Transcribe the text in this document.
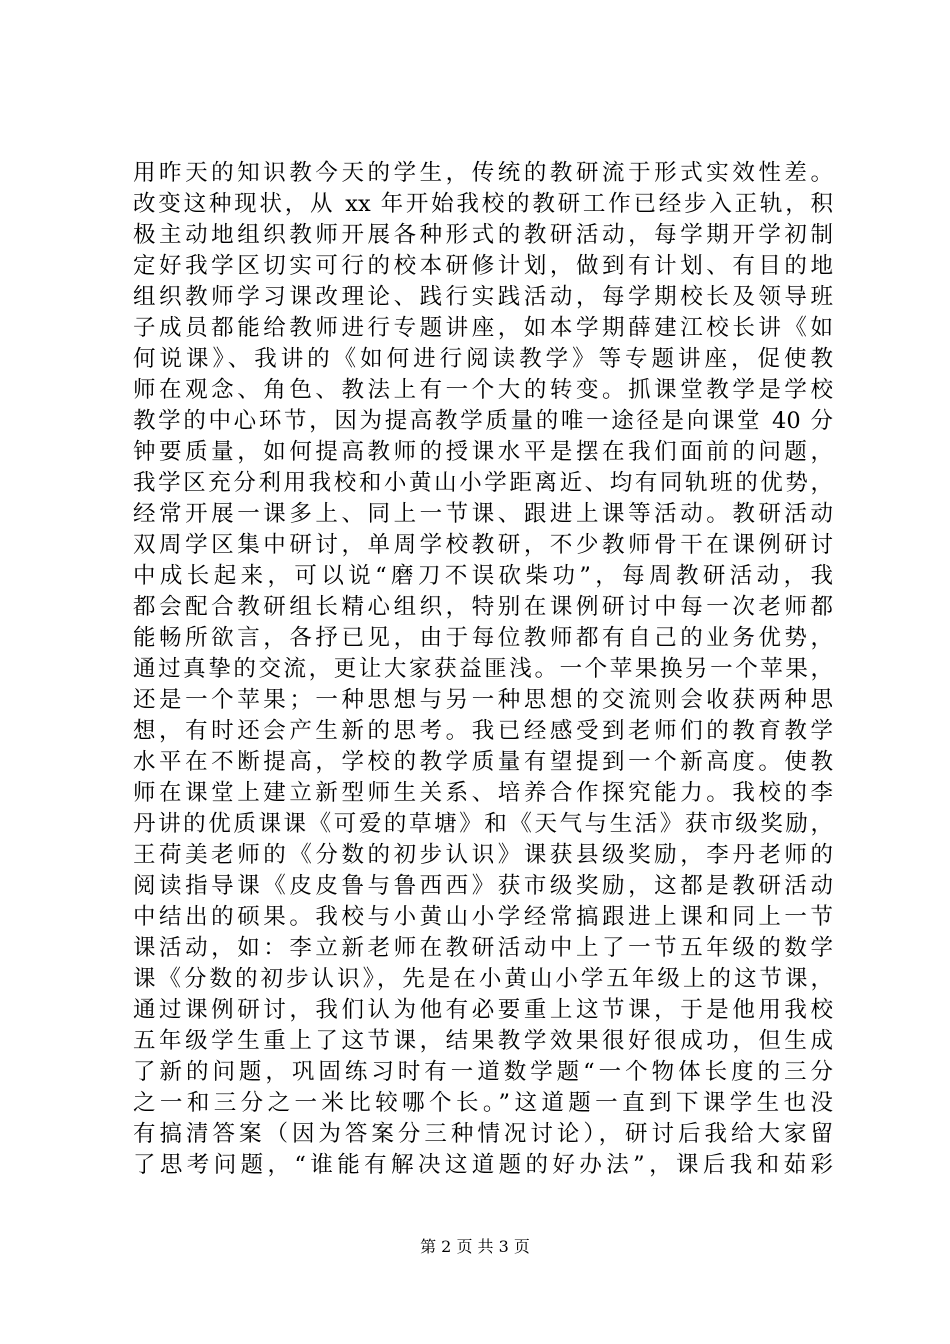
用昨天的知识教今天的学生，传统的教研流于形式实效性差。
改变这种现状，从 xx 年开始我校的教研工作已经步入正轨，积
极主动地组织教师开展各种形式的教研活动，每学期开学初制
定好我学区切实可行的校本研修计划，做到有计划、有目的地
组织教师学习课改理论、践行实践活动，每学期校长及领导班
子成员都能给教师进行专题讲座，如本学期薛建江校长讲《如
何说课》、我讲的《如何进行阅读教学》等专题讲座，促使教
师在观念、角色、教法上有一个大的转变。抓课堂教学是学校
教学的中心环节，因为提高教学质量的唯一途径是向课堂 40 分
钟要质量，如何提高教师的授课水平是摆在我们面前的问题，
我学区充分利用我校和小黄山小学距离近、均有同轨班的优势，
经常开展一课多上、同上一节课、跟进上课等活动。教研活动
双周学区集中研讨，单周学校教研，不少教师骨干在课例研讨
中成长起来，可以说“磨刀不误砍柴功”，每周教研活动，我
都会配合教研组长精心组织，特别在课例研讨中每一次老师都
能畅所欲言，各抒已见，由于每位教师都有自己的业务优势，
通过真挚的交流，更让大家获益匪浅。一个苹果换另一个苹果，
还是一个苹果；一种思想与另一种思想的交流则会收获两种思
想，有时还会产生新的思考。我已经感受到老师们的教育教学
水平在不断提高，学校的教学质量有望提到一个新高度。使教
师在课堂上建立新型师生关系、培养合作探究能力。我校的李
丹讲的优质课课《可爱的草塘》和《天气与生活》获市级奖励，
王荷美老师的《分数的初步认识》课获县级奖励，李丹老师的
阅读指导课《皮皮鲁与鲁西西》获市级奖励，这都是教研活动
中结出的硕果。我校与小黄山小学经常搞跟进上课和同上一节
课活动，如：李立新老师在教研活动中上了一节五年级的数学
课《分数的初步认识》，先是在小黄山小学五年级上的这节课，
通过课例研讨，我们认为他有必要重上这节课，于是他用我校
五年级学生重上了这节课，结果教学效果很好很成功，但生成
了新的问题，巩固练习时有一道数学题“一个物体长度的三分
之一和三分之一米比较哪个长。”这道题一直到下课学生也没
有搞清答案（因为答案分三种情况讨论），研讨后我给大家留
了思考问题，“谁能有解决这道题的好办法”，课后我和茹彩
第 2 页 共 3 页
